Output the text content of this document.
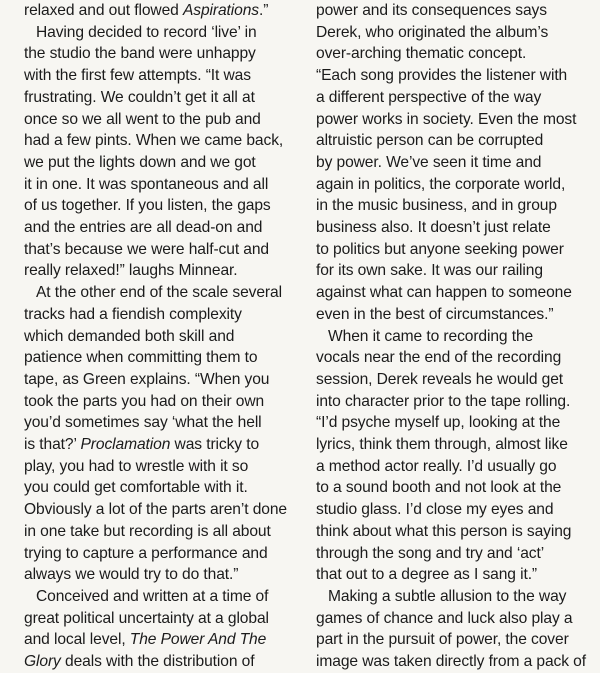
relaxed and out flowed Aspirations.”
Having decided to record ‘live’ in
the studio the band were unhappy
with the first few attempts. “It was
frustrating. We couldn’t get it all at
once so we all went to the pub and
had a few pints. When we came back,
we put the lights down and we got
it in one. It was spontaneous and all
of us together. If you listen, the gaps
and the entries are all dead-on and
that’s because we were half-cut and
really relaxed!” laughs Minnear.
At the other end of the scale several
tracks had a fiendish complexity
which demanded both skill and
patience when committing them to
tape, as Green explains. “When you
took the parts you had on their own
you’d sometimes say ‘what the hell
is that?’ Proclamation was tricky to
play, you had to wrestle with it so
you could get comfortable with it.
Obviously a lot of the parts aren’t done
in one take but recording is all about
trying to capture a performance and
always we would try to do that.”
Conceived and written at a time of
great political uncertainty at a global
and local level, The Power And The
Glory deals with the distribution of
power and its consequences says
Derek, who originated the album’s
over-arching thematic concept.
“Each song provides the listener with
a different perspective of the way
power works in society. Even the most
altruistic person can be corrupted
by power. We’ve seen it time and
again in politics, the corporate world,
in the music business, and in group
business also. It doesn’t just relate
to politics but anyone seeking power
for its own sake. It was our railing
against what can happen to someone
even in the best of circumstances.”
When it came to recording the
vocals near the end of the recording
session, Derek reveals he would get
into character prior to the tape rolling.
“I’d psyche myself up, looking at the
lyrics, think them through, almost like
a method actor really. I’d usually go
to a sound booth and not look at the
studio glass. I’d close my eyes and
think about what this person is saying
through the song and try and ‘act’
that out to a degree as I sang it.”
Making a subtle allusion to the way
games of chance and luck also play a
part in the pursuit of power, the cover
image was taken directly from a pack of
